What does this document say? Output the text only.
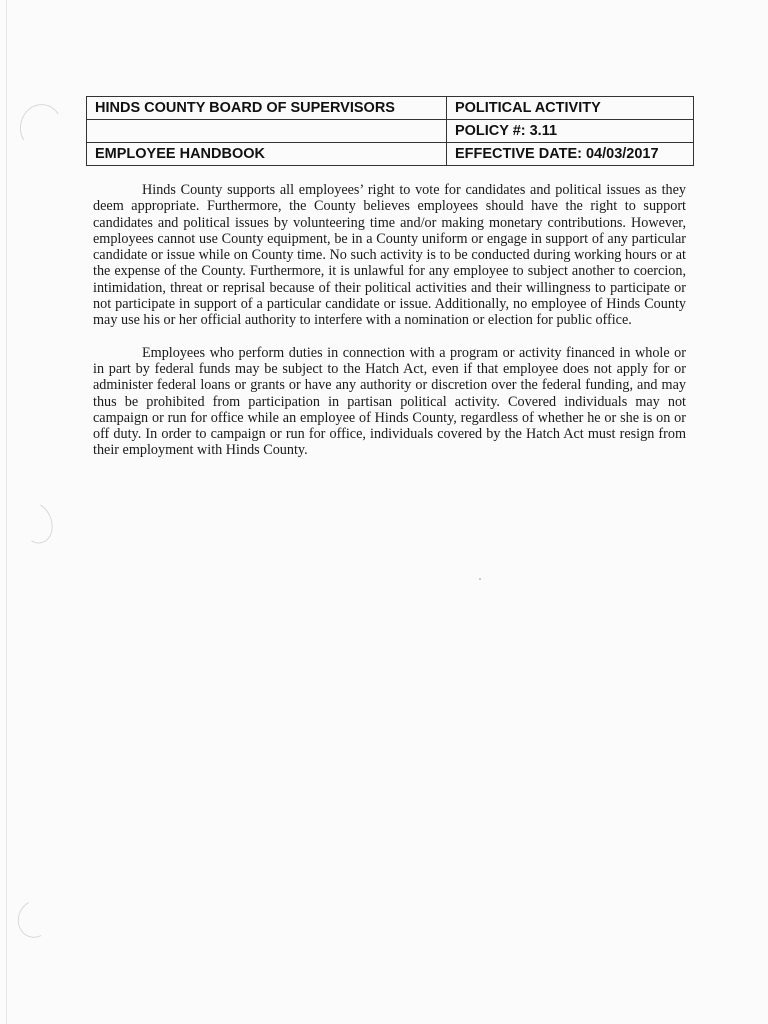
HINDS COUNTY BOARD OF SUPERVISORS	POLITICAL ACTIVITY
	POLICY #: 3.11
EMPLOYEE HANDBOOK	EFFECTIVE DATE: 04/03/2017

Hinds County supports all employees’ right to vote for candidates and political issues as they deem appropriate. Furthermore, the County believes employees should have the right to support candidates and political issues by volunteering time and/or making monetary contributions. However, employees cannot use County equipment, be in a County uniform or engage in support of any particular candidate or issue while on County time. No such activity is to be conducted during working hours or at the expense of the County. Furthermore, it is unlawful for any employee to subject another to coercion, intimidation, threat or reprisal because of their political activities and their willingness to participate or not participate in support of a particular candidate or issue. Additionally, no employee of Hinds County may use his or her official authority to interfere with a nomination or election for public office.

Employees who perform duties in connection with a program or activity financed in whole or in part by federal funds may be subject to the Hatch Act, even if that employee does not apply for or administer federal loans or grants or have any authority or discretion over the federal funding, and may thus be prohibited from participation in partisan political activity. Covered individuals may not campaign or run for office while an employee of Hinds County, regardless of whether he or she is on or off duty. In order to campaign or run for office, individuals covered by the Hatch Act must resign from their employment with Hinds County.
